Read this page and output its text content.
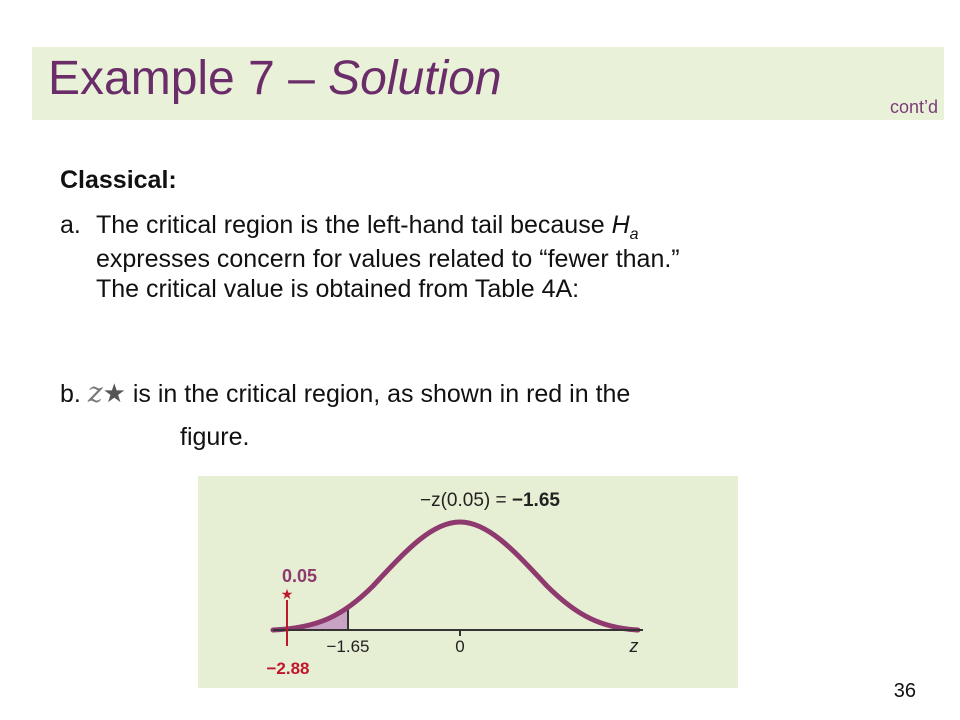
Example 7 – Solution
cont’d
Classical:
a. The critical region is the left-hand tail because $H_a$
expresses concern for values related to “fewer than.”
The critical value is obtained from Table 4A:
b. z★ is in the critical region, as shown in red in the
figure.
−z(0.05) = −1.65
0.05
★
−2.88
−1.65	0	z
36
